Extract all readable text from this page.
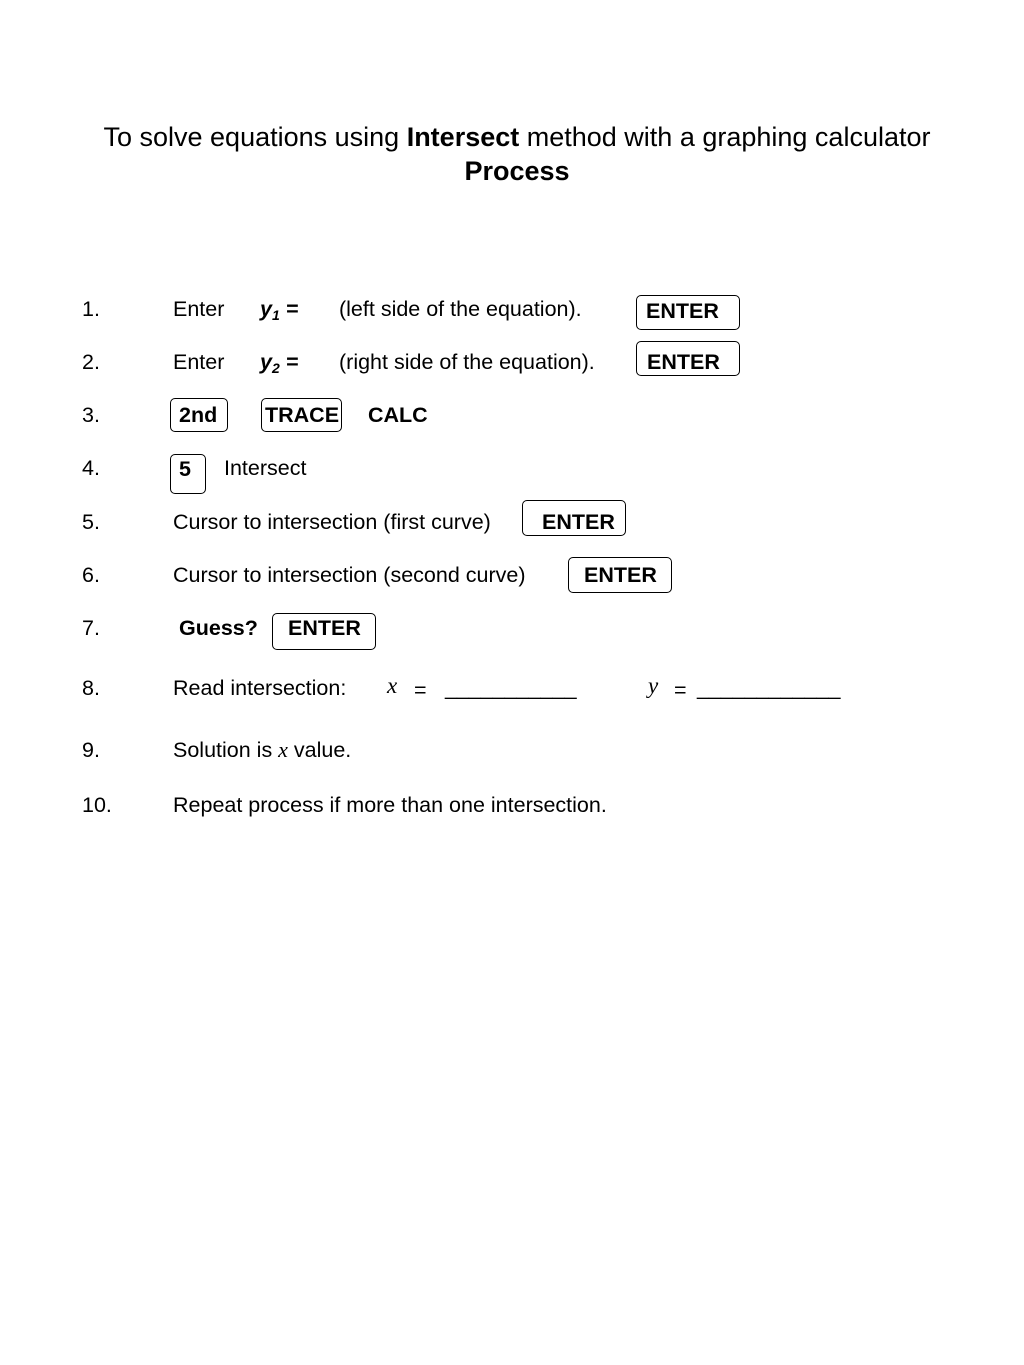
To solve equations using Intersect method with a graphing calculator
Process
1.	Enter $y_1$ = (left side of the equation).	ENTER
2.	Enter $y_2$ = (right side of the equation).	ENTER
3.	2nd	TRACE CALC
4.	5	Intersect
5.	Cursor to intersection (first curve)	ENTER
6.	Cursor to intersection (second curve)	ENTER
7.	Guess?	ENTER
8.	Read intersection: x = ___________	y = ____________
9.	Solution is x value.
10.	Repeat process if more than one intersection.
